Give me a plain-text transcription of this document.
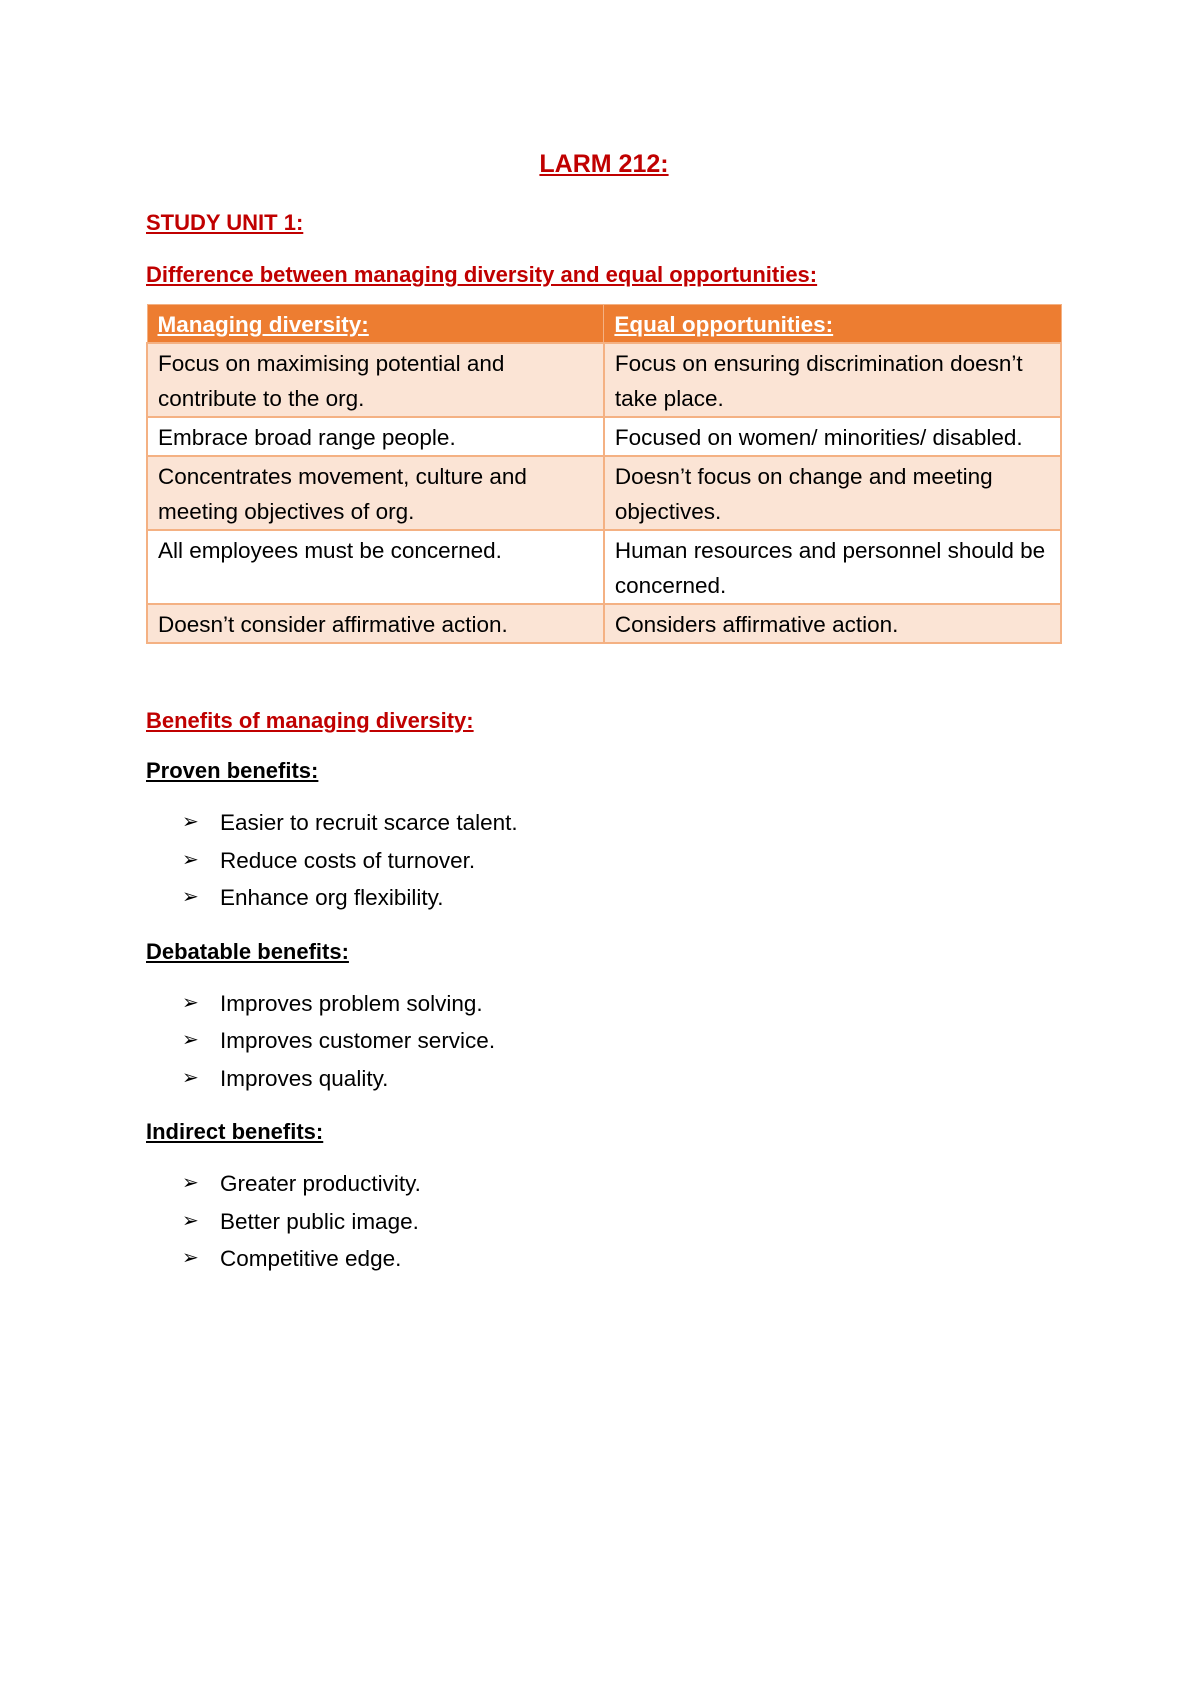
LARM 212:
STUDY UNIT 1:
Difference between managing diversity and equal opportunities:
Managing diversity:	Equal opportunities:
Focus on maximising potential and contribute to the org.	Focus on ensuring discrimination doesn’t take place.
Embrace broad range people.	Focused on women/ minorities/ disabled.
Concentrates movement, culture and meeting objectives of org.	Doesn’t focus on change and meeting objectives.
All employees must be concerned.	Human resources and personnel should be concerned.
Doesn’t consider affirmative action.	Considers affirmative action.
Benefits of managing diversity:
Proven benefits:
➢ Easier to recruit scarce talent.
➢ Reduce costs of turnover.
➢ Enhance org flexibility.
Debatable benefits:
➢ Improves problem solving.
➢ Improves customer service.
➢ Improves quality.
Indirect benefits:
➢ Greater productivity.
➢ Better public image.
➢ Competitive edge.
